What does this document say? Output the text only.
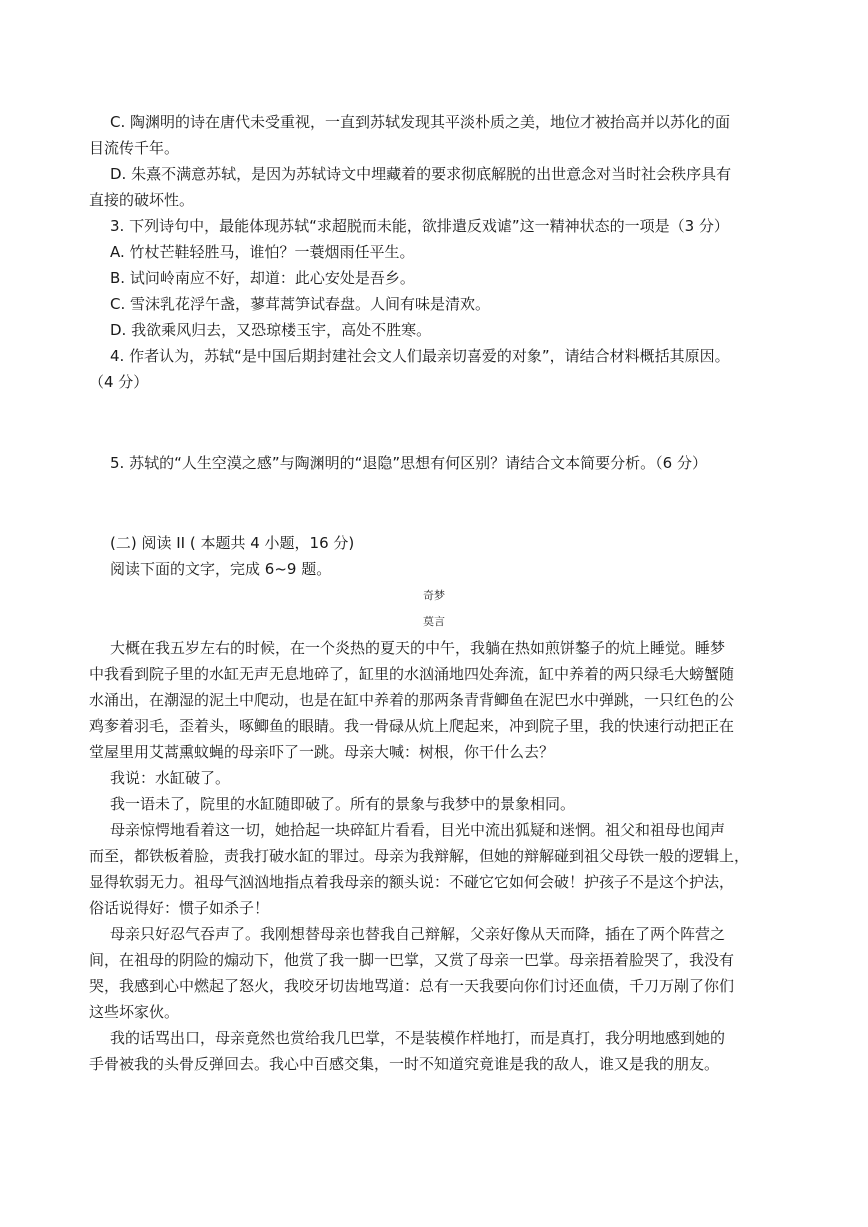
C. 陶渊明的诗在唐代未受重视，一直到苏轼发现其平淡朴质之美，地位才被抬高并以苏化的面

目流传千年。

D. 朱熹不满意苏轼，是因为苏轼诗文中埋藏着的要求彻底解脱的出世意念对当时社会秩序具有

直接的破坏性。

3. 下列诗句中，最能体现苏轼“求超脱而未能，欲排遣反戏谑”这一精神状态的一项是（3 分）

A. 竹杖芒鞋轻胜马，谁怕？一蓑烟雨任平生。

B. 试问岭南应不好，却道：此心安处是吾乡。

C. 雪沫乳花浮午盏，蓼茸蒿笋试春盘。人间有味是清欢。

D. 我欲乘风归去，又恐琼楼玉宇，高处不胜寒。

4. 作者认为，苏轼“是中国后期封建社会文人们最亲切喜爱的对象”，请结合材料概括其原因。

（4 分）

5. 苏轼的“人生空漠之感”与陶渊明的“退隐”思想有何区别？请结合文本简要分析。（6 分）

(二) 阅读 II ( 本题共 4 小题，16 分)

阅读下面的文字，完成 6~9 题。

奇梦

莫言

大概在我五岁左右的时候，在一个炎热的夏天的中午，我躺在热如煎饼鏊子的炕上睡觉。睡梦

中我看到院子里的水缸无声无息地碎了，缸里的水汹涌地四处奔流，缸中养着的两只绿毛大螃蟹随

水涌出，在潮湿的泥土中爬动，也是在缸中养着的那两条青背鲫鱼在泥巴水中弹跳，一只红色的公

鸡奓着羽毛，歪着头，啄鲫鱼的眼睛。我一骨碌从炕上爬起来，冲到院子里，我的快速行动把正在

堂屋里用艾蒿熏蚊蝇的母亲吓了一跳。母亲大喊：树根，你干什么去？

我说：水缸破了。

我一语未了，院里的水缸随即破了。所有的景象与我梦中的景象相同。

母亲惊愕地看着这一切，她拾起一块碎缸片看看，目光中流出狐疑和迷惘。祖父和祖母也闻声

而至，都铁板着脸，责我打破水缸的罪过。母亲为我辩解，但她的辩解碰到祖父母铁一般的逻辑上，

显得软弱无力。祖母气汹汹地指点着我母亲的额头说：不碰它它如何会破！护孩子不是这个护法，

俗话说得好：惯子如杀子！

母亲只好忍气吞声了。我刚想替母亲也替我自己辩解，父亲好像从天而降，插在了两个阵营之

间，在祖母的阴险的煽动下，他赏了我一脚一巴掌，又赏了母亲一巴掌。母亲捂着脸哭了，我没有

哭，我感到心中燃起了怒火，我咬牙切齿地骂道：总有一天我要向你们讨还血债，千刀万剐了你们

这些坏家伙。

我的话骂出口，母亲竟然也赏给我几巴掌，不是装模作样地打，而是真打，我分明地感到她的

手骨被我的头骨反弹回去。我心中百感交集，一时不知道究竟谁是我的敌人，谁又是我的朋友。
